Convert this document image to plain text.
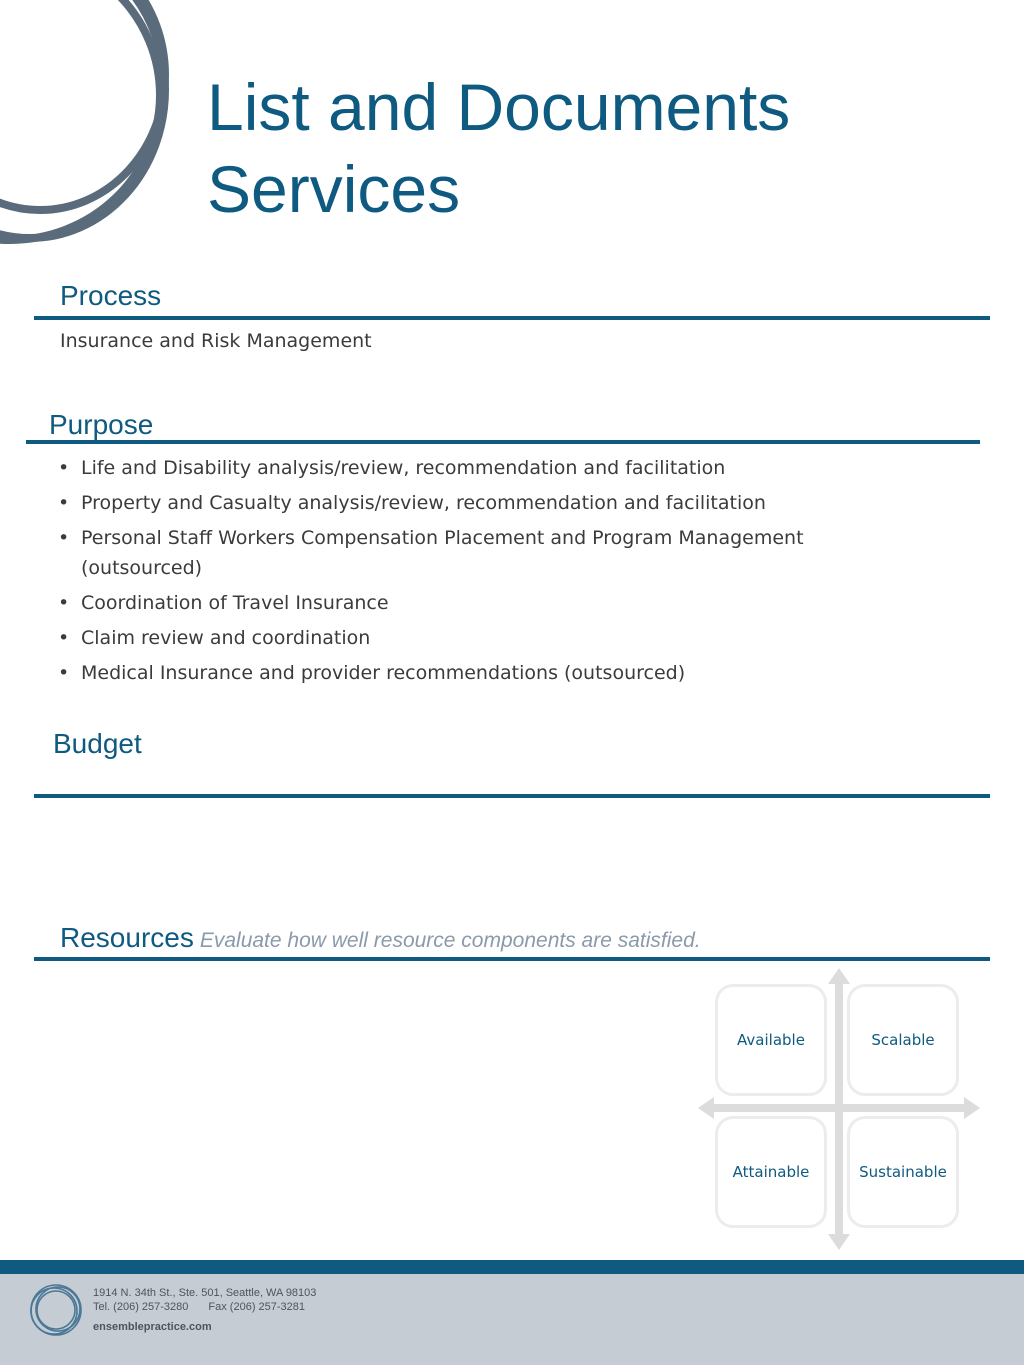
List and Documents
Services
Process

Insurance and Risk Management

Purpose
• Life and Disability analysis/review, recommendation and facilitation
• Property and Casualty analysis/review, recommendation and facilitation
• Personal Staff Workers Compensation Placement and Program Management (outsourced)
• Coordination of Travel Insurance
• Claim review and coordination
• Medical Insurance and provider recommendations (outsourced)
Budget
Resources Evaluate how well resource components are satisfied.
Available	Scalable
Attainable	Sustainable

1914 N. 34th St., Ste. 501, Seattle, WA 98103

Tel. (206) 257-3280 Fax (206) 257-3281

ensemblepractice.com
